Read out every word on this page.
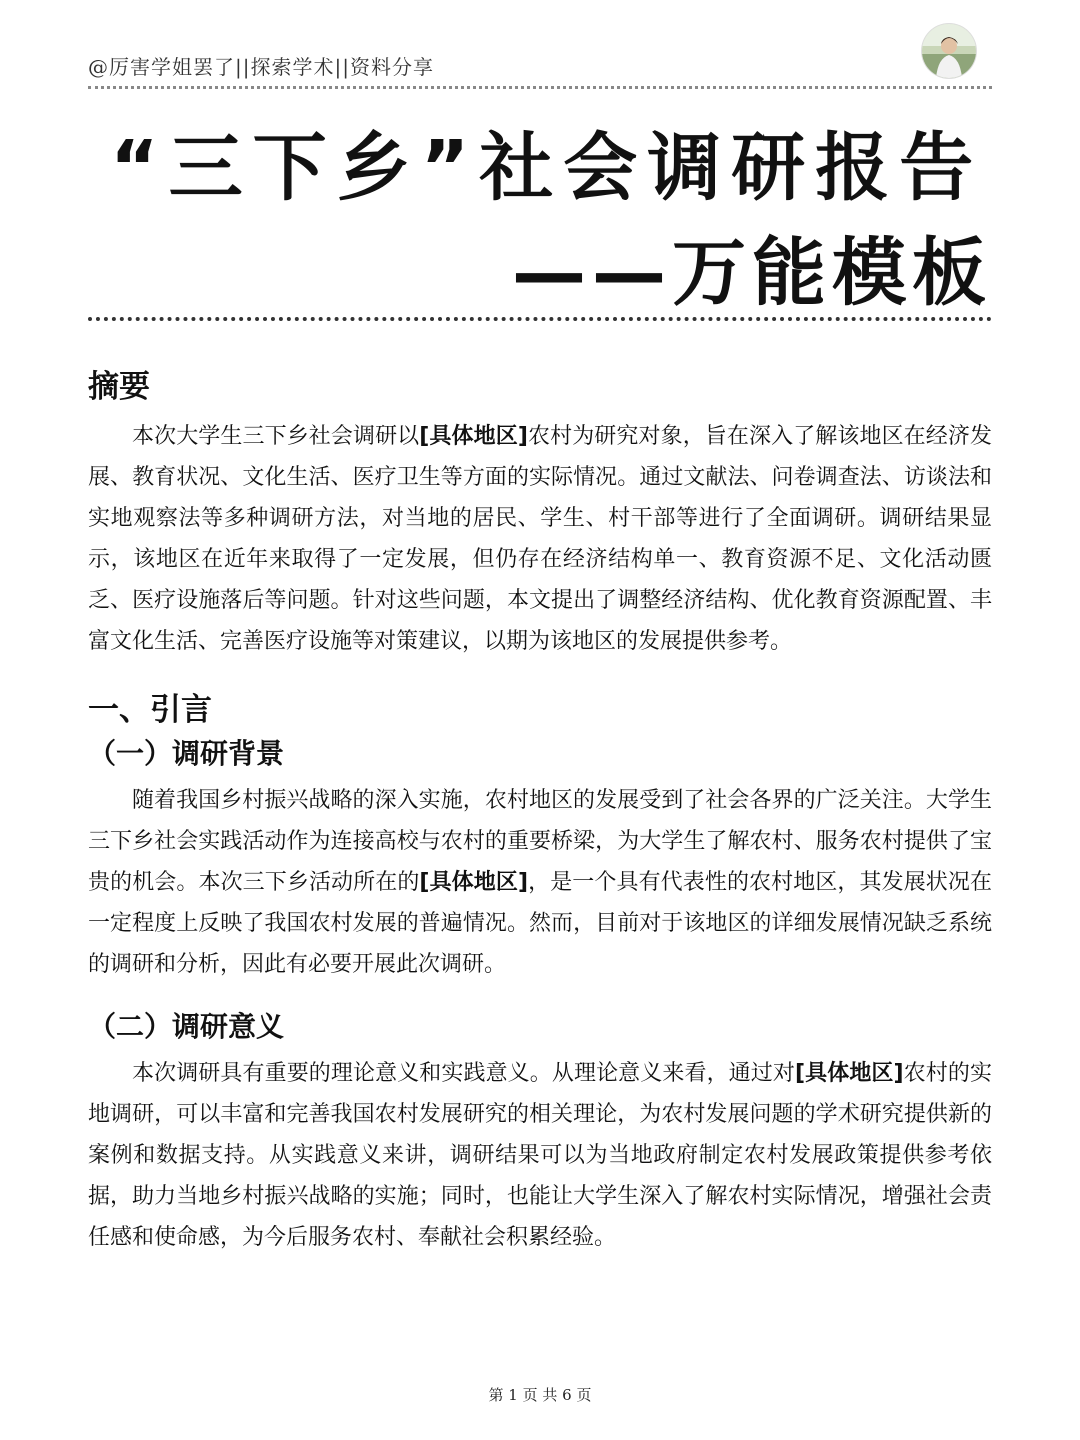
@厉害学姐罢了||探索学术||资料分享
“三下乡”社会调研报告
——万能模板
摘要

本次大学生三下乡社会调研以[具体地区]农村为研究对象，旨在深入了解该地区在经济发展、教育状况、文化生活、医疗卫生等方面的实际情况。通过文献法、问卷调查法、访谈法和实地观察法等多种调研方法，对当地的居民、学生、村干部等进行了全面调研。调研结果显示，该地区在近年来取得了一定发展，但仍存在经济结构单一、教育资源不足、文化活动匮乏、医疗设施落后等问题。针对这些问题，本文提出了调整经济结构、优化教育资源配置、丰富文化生活、完善医疗设施等对策建议，以期为该地区的发展提供参考。

一、引言
（一）调研背景

随着我国乡村振兴战略的深入实施，农村地区的发展受到了社会各界的广泛关注。大学生三下乡社会实践活动作为连接高校与农村的重要桥梁，为大学生了解农村、服务农村提供了宝贵的机会。本次三下乡活动所在的[具体地区]，是一个具有代表性的农村地区，其发展状况在一定程度上反映了我国农村发展的普遍情况。然而，目前对于该地区的详细发展情况缺乏系统的调研和分析，因此有必要开展此次调研。

（二）调研意义

本次调研具有重要的理论意义和实践意义。从理论意义来看，通过对[具体地区]农村的实地调研，可以丰富和完善我国农村发展研究的相关理论，为农村发展问题的学术研究提供新的案例和数据支持。从实践意义来讲，调研结果可以为当地政府制定农村发展政策提供参考依据，助力当地乡村振兴战略的实施；同时，也能让大学生深入了解农村实际情况，增强社会责任感和使命感，为今后服务农村、奉献社会积累经验。

第 1 页 共 6 页
